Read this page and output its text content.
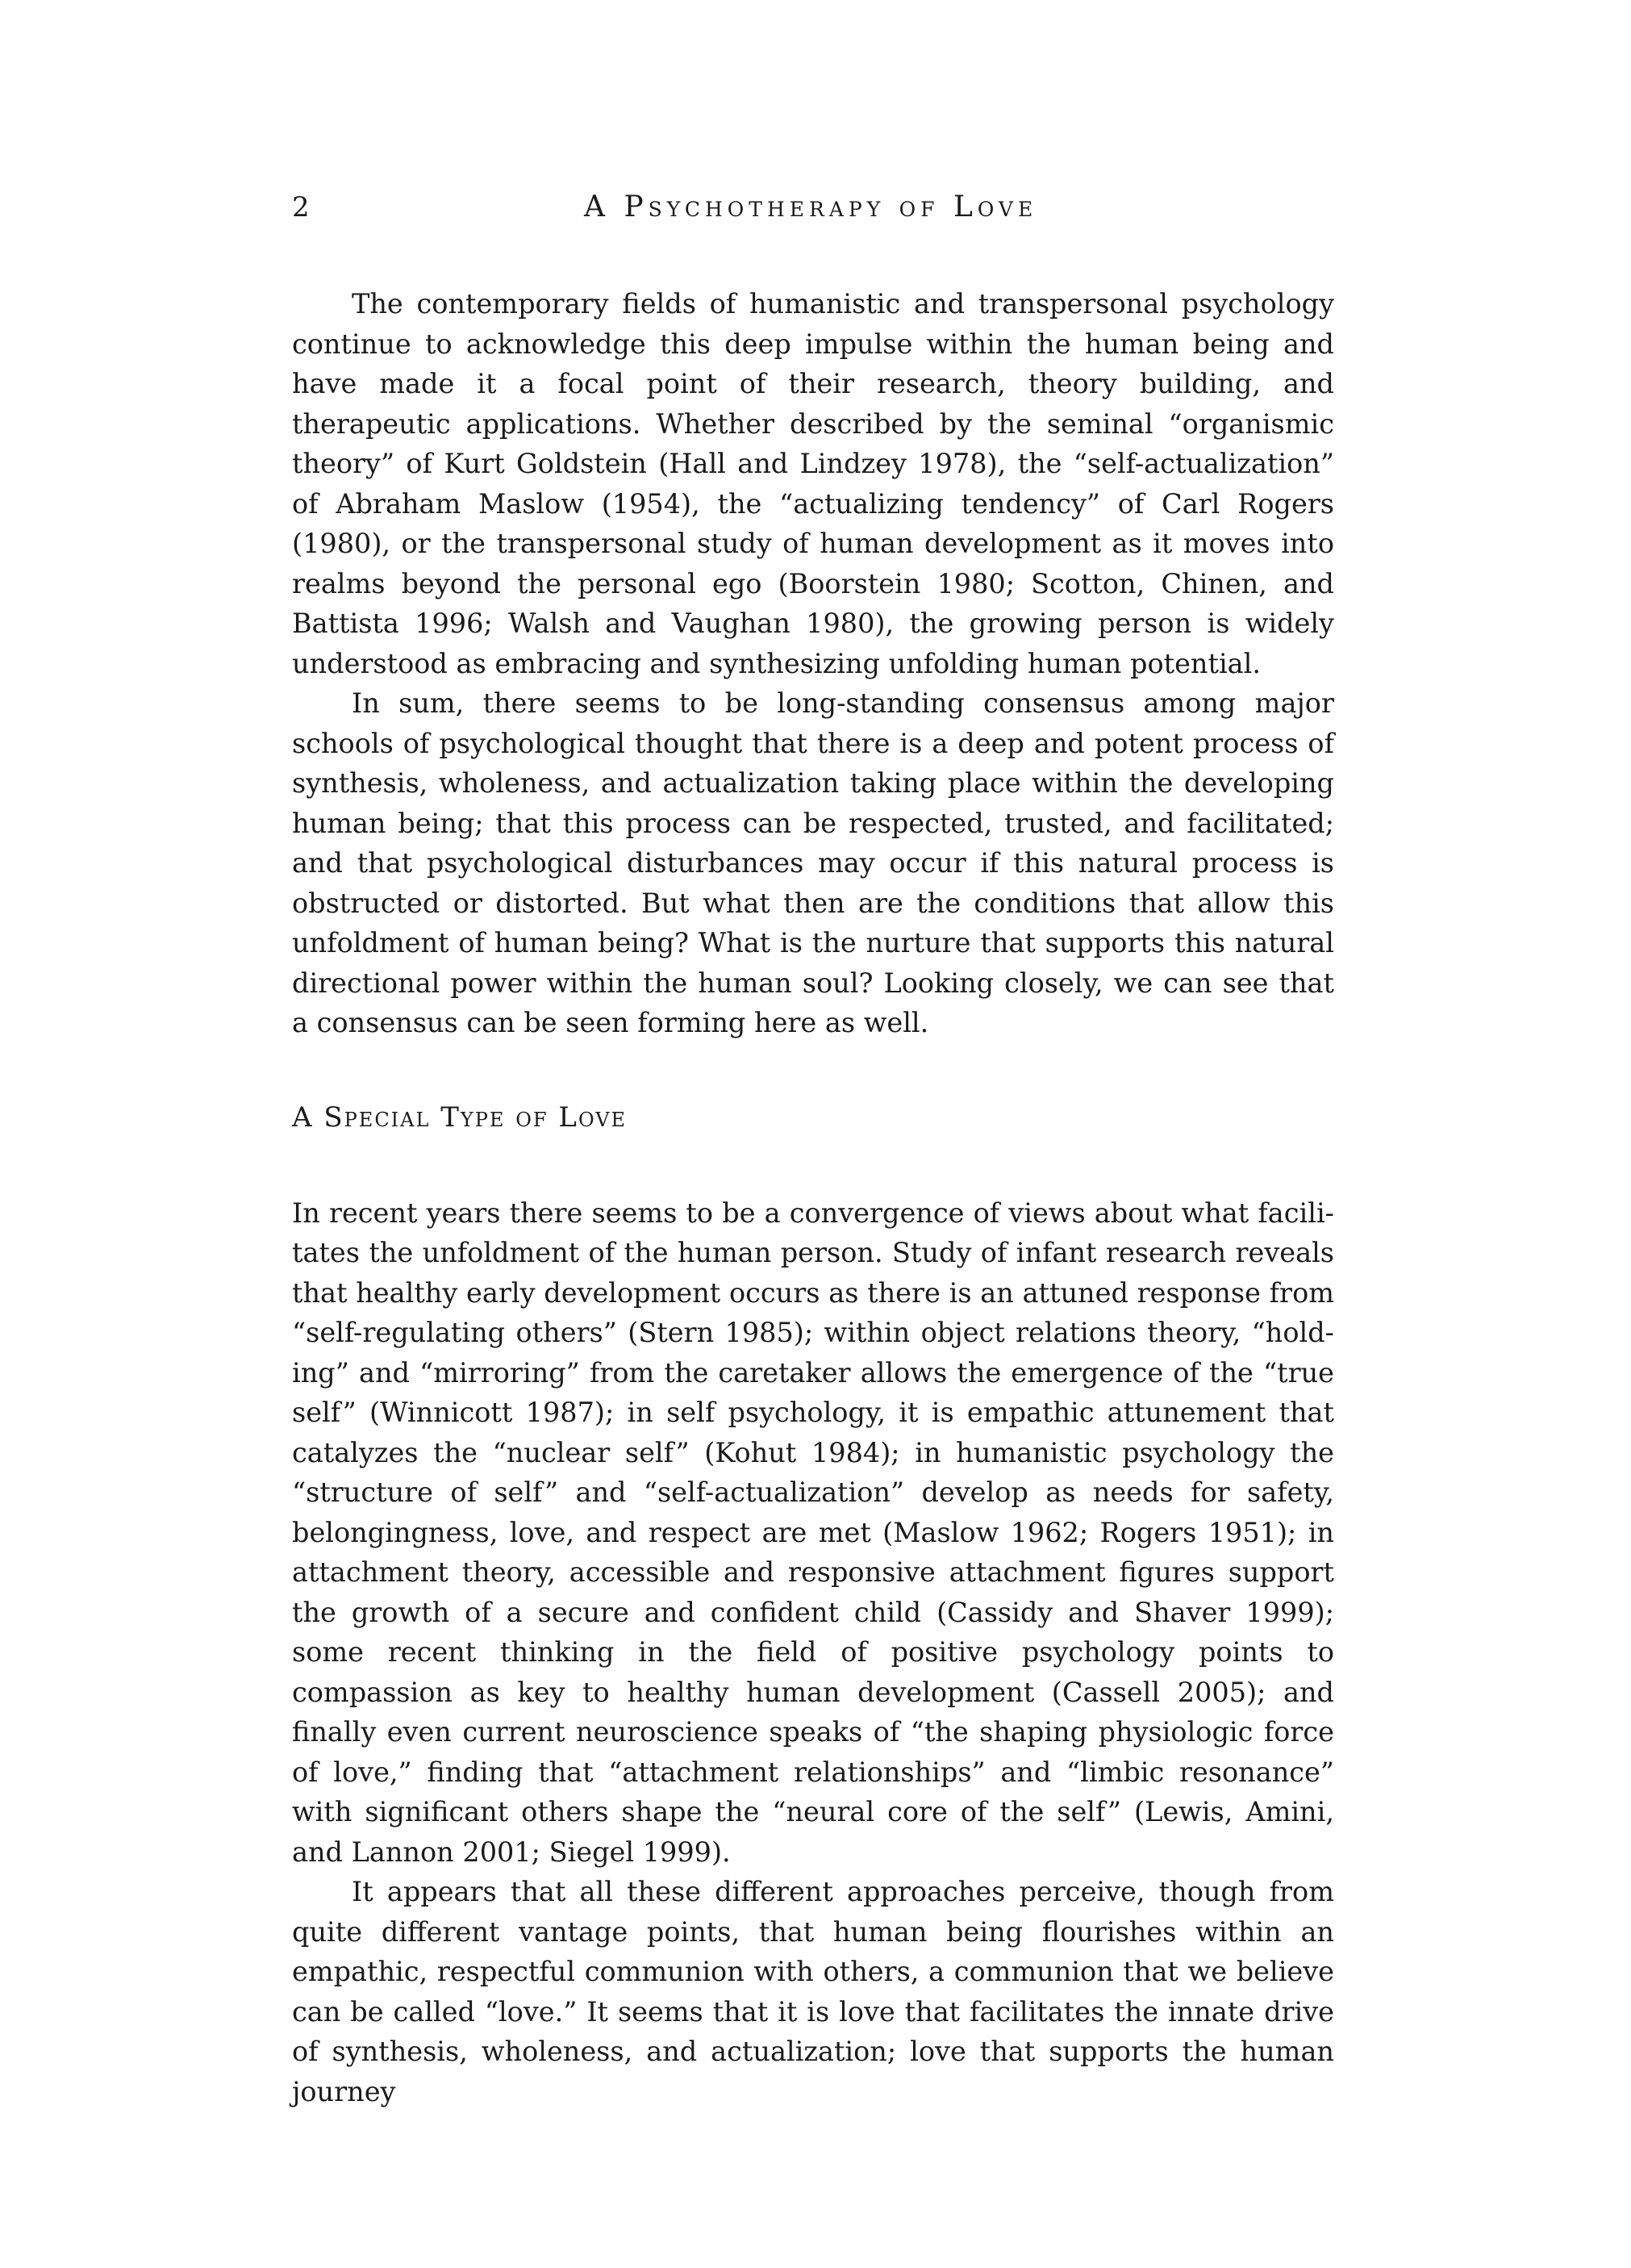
2	A Psychotherapy of Love

The contemporary fields of humanistic and transpersonal psychology continue to acknowledge this deep impulse within the human being and have made it a focal point of their research, theory building, and therapeutic applications. Whether described by the seminal “organismic theory” of Kurt Goldstein (Hall and Lindzey 1978), the “self-actualization” of Abraham Maslow (1954), the “actualizing tendency” of Carl Rogers (1980), or the transpersonal study of human development as it moves into realms beyond the personal ego (Boorstein 1980; Scotton, Chinen, and Battista 1996; Walsh and Vaughan 1980), the growing person is widely understood as embracing and synthesizing unfolding human potential.

In sum, there seems to be long-standing consensus among major schools of psychological thought that there is a deep and potent process of synthesis, wholeness, and actualization taking place within the developing human being; that this process can be respected, trusted, and facilitated; and that psychological disturbances may occur if this natural process is obstructed or distorted. But what then are the conditions that allow this unfoldment of human being? What is the nurture that supports this natural directional power within the human soul? Looking closely, we can see that a consensus can be seen forming here as well.

A Special Type of Love

In recent years there seems to be a convergence of views about what facilitates the unfoldment of the human person. Study of infant research reveals that healthy early development occurs as there is an attuned response from “self-regulating others” (Stern 1985); within object relations theory, “holding” and “mirroring” from the caretaker allows the emergence of the “true self” (Winnicott 1987); in self psychology, it is empathic attunement that catalyzes the “nuclear self” (Kohut 1984); in humanistic psychology the “structure of self” and “self-actualization” develop as needs for safety, belongingness, love, and respect are met (Maslow 1962; Rogers 1951); in attachment theory, accessible and responsive attachment figures support the growth of a secure and confident child (Cassidy and Shaver 1999); some recent thinking in the field of positive psychology points to compassion as key to healthy human development (Cassell 2005); and finally even current neuroscience speaks of “the shaping physiologic force of love,” finding that “attachment relationships” and “limbic resonance” with significant others shape the “neural core of the self” (Lewis, Amini, and Lannon 2001; Siegel 1999).

It appears that all these different approaches perceive, though from quite different vantage points, that human being flourishes within an empathic, respectful communion with others, a communion that we believe can be called “love.” It seems that it is love that facilitates the innate drive of synthesis, wholeness, and actualization; love that supports the human journey
